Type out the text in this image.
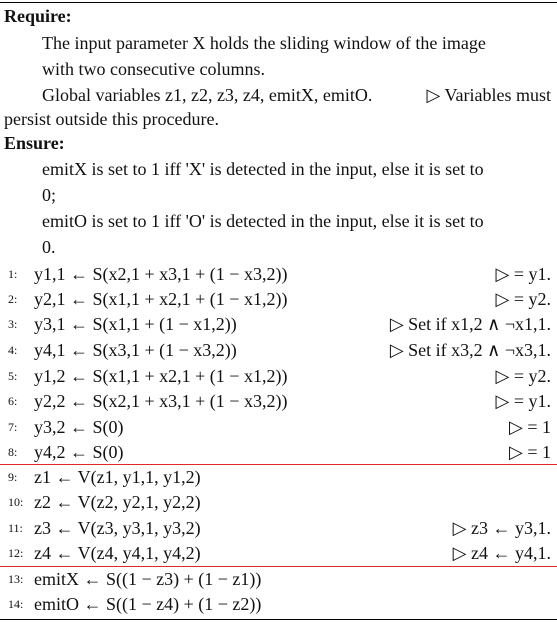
Require:
The input parameter X holds the sliding window of the image
with two consecutive columns.
Global variables z1, z2, z3, z4, emitX, emitO.	▷ Variables must
persist outside this procedure.
Ensure:
emitX is set to 1 iff 'X' is detected in the input, else it is set to
0;
emitO is set to 1 iff 'O' is detected in the input, else it is set to
0.
1: y1,1 ← S(x2,1 + x3,1 + (1 − x3,2))	▷ = y1.
2: y2,1 ← S(x1,1 + x2,1 + (1 − x1,2))	▷ = y2.
3: y3,1 ← S(x1,1 + (1 − x1,2))	▷ Set if x1,2 ∧ ¬x1,1.
4: y4,1 ← S(x3,1 + (1 − x3,2))	▷ Set if x3,2 ∧ ¬x3,1.
5: y1,2 ← S(x1,1 + x2,1 + (1 − x1,2))	▷ = y2.
6: y2,2 ← S(x2,1 + x3,1 + (1 − x3,2))	▷ = y1.
7: y3,2 ← S(0)	▷ = 1
8: y4,2 ← S(0)	▷ = 1
9: z1 ← V(z1, y1,1, y1,2)
10: z2 ← V(z2, y2,1, y2,2)
11: z3 ← V(z3, y3,1, y3,2)	▷ z3 ← y3,1.
12: z4 ← V(z4, y4,1, y4,2)	▷ z4 ← y4,1.
13: emitX ← S((1 − z3) + (1 − z1))
14: emitO ← S((1 − z4) + (1 − z2))
